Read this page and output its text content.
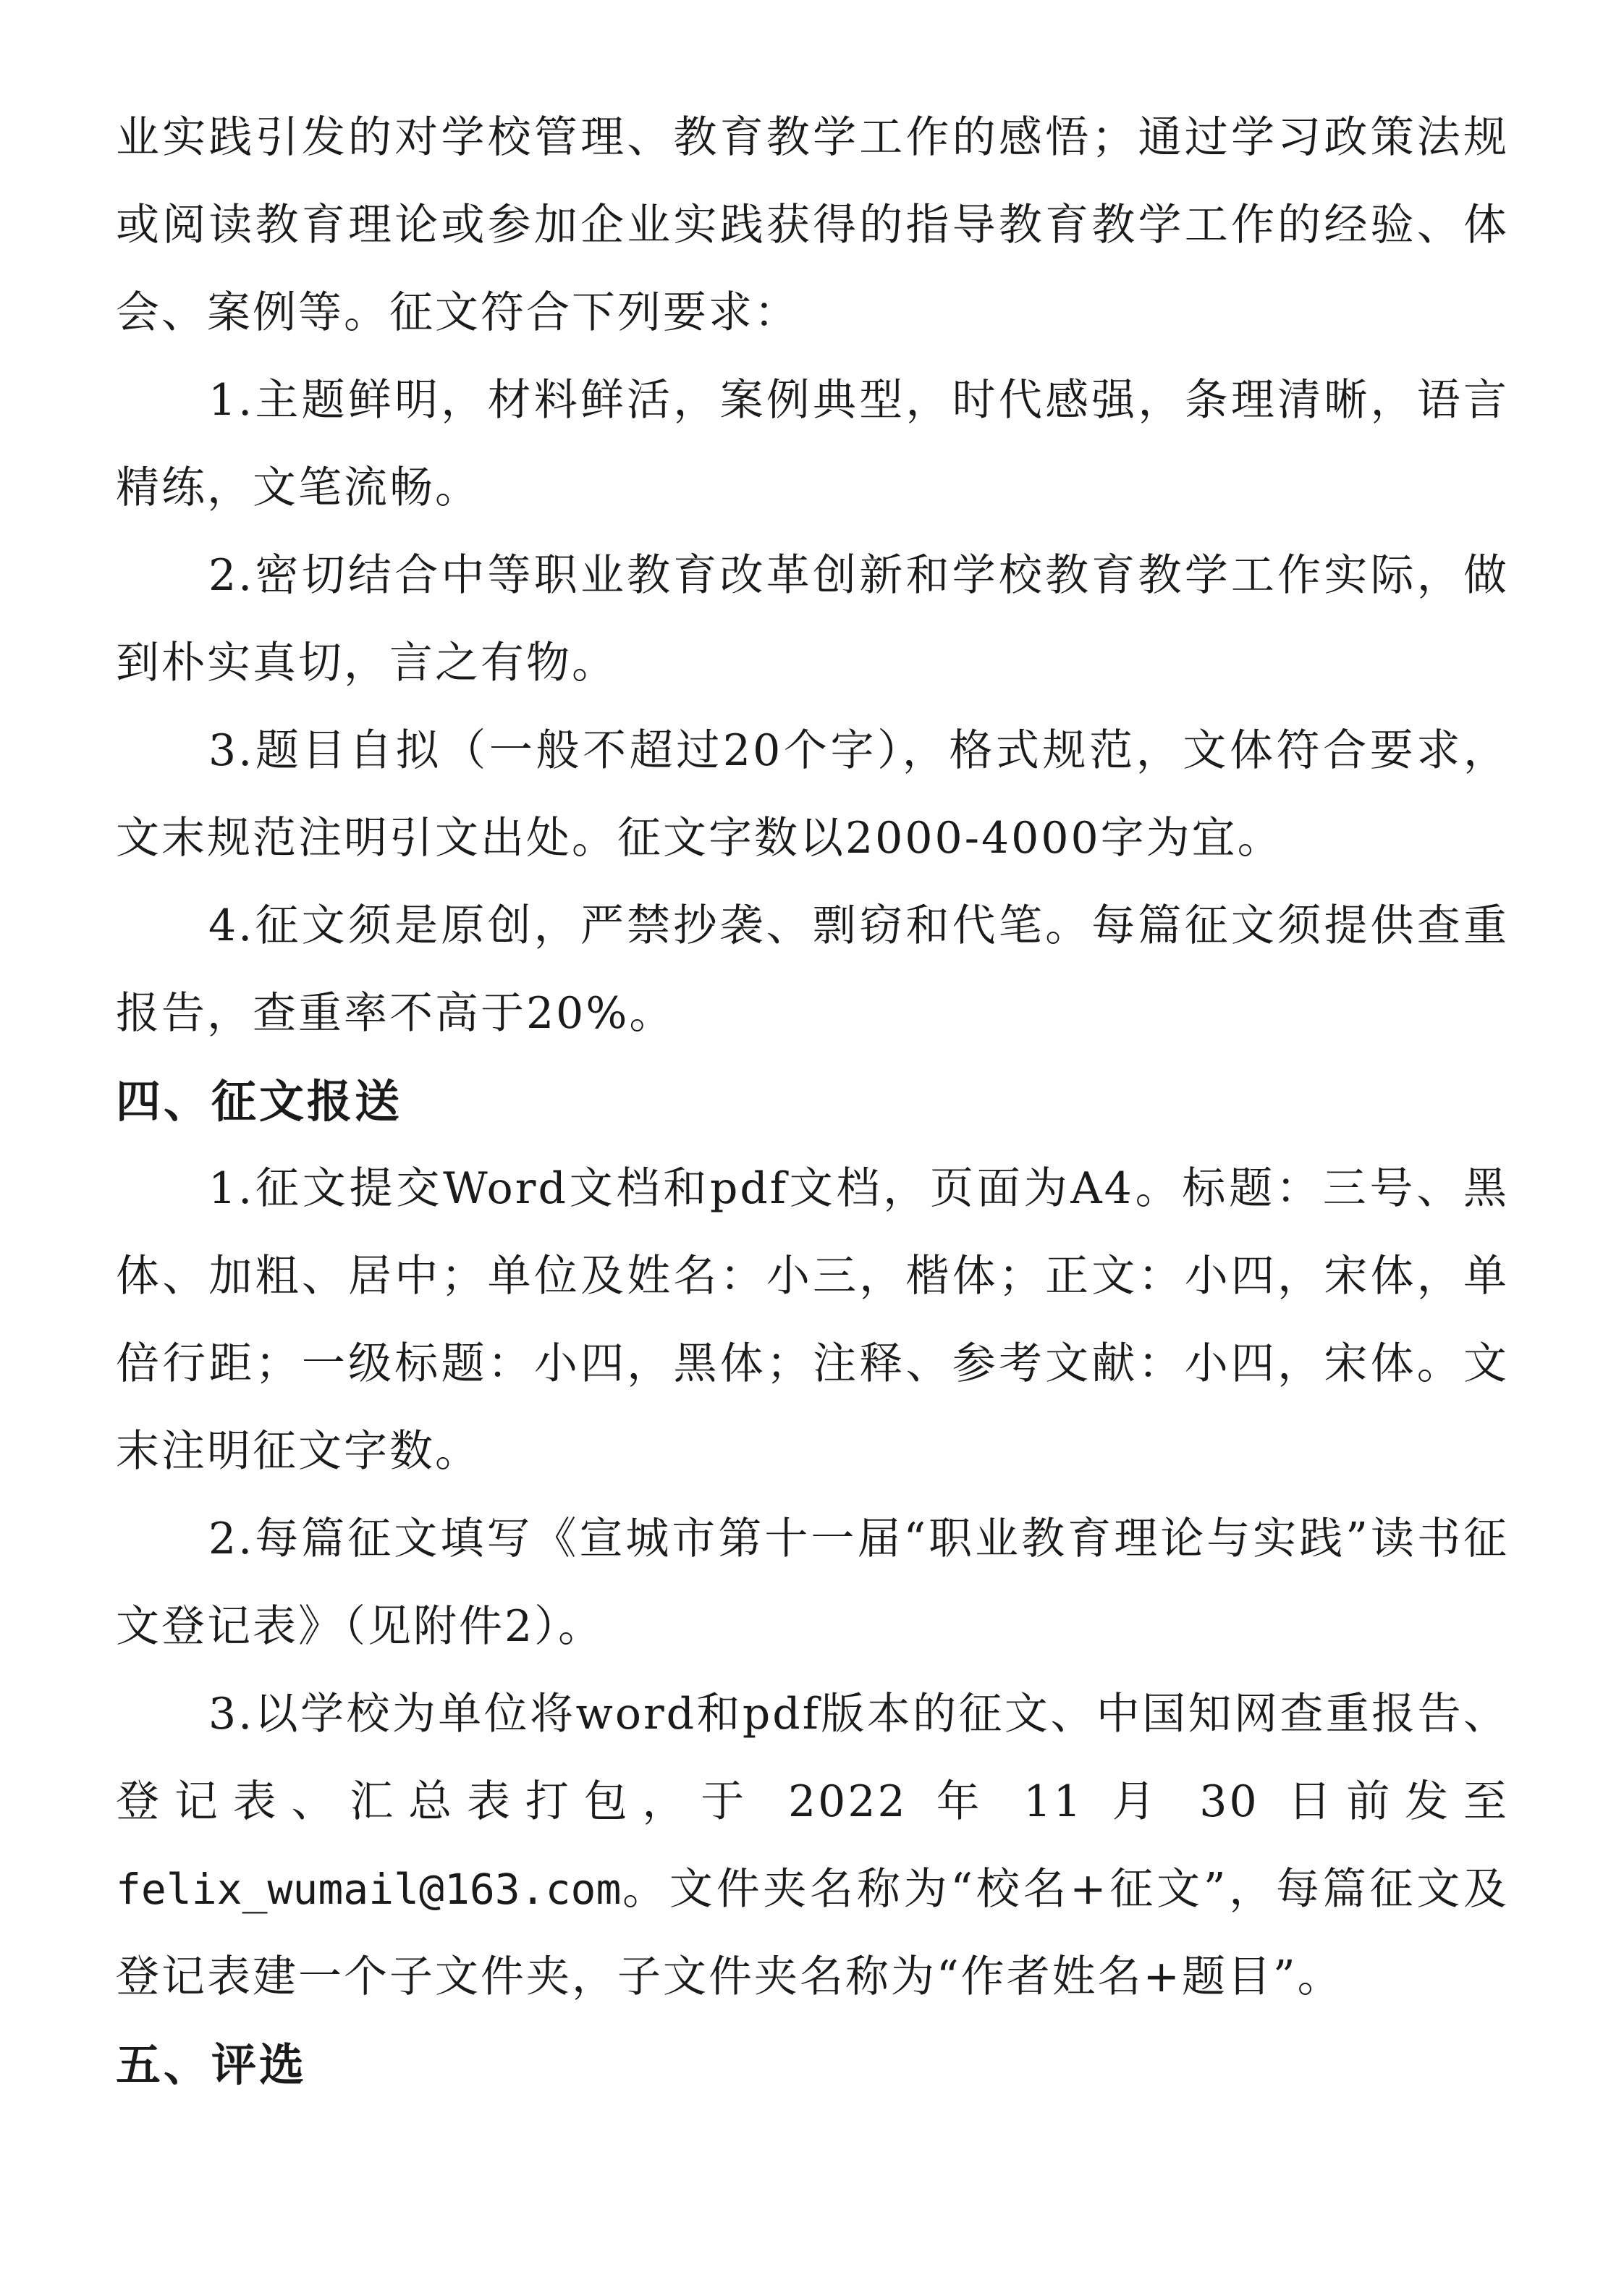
业实践引发的对学校管理、教育教学工作的感悟；通过学习政策法规或阅读教育理论或参加企业实践获得的指导教育教学工作的经验、体会、案例等。征文符合下列要求：

1.主题鲜明，材料鲜活，案例典型，时代感强，条理清晰，语言精练，文笔流畅。

2.密切结合中等职业教育改革创新和学校教育教学工作实际，做到朴实真切，言之有物。

3.题目自拟（一般不超过20个字），格式规范，文体符合要求，文末规范注明引文出处。征文字数以2000-4000字为宜。

4.征文须是原创，严禁抄袭、剽窃和代笔。每篇征文须提供查重报告，查重率不高于20%。

四、征文报送

1.征文提交Word文档和pdf文档，页面为A4。标题：三号、黑体、加粗、居中；单位及姓名：小三，楷体；正文：小四，宋体，单倍行距；一级标题：小四，黑体；注释、参考文献：小四，宋体。文末注明征文字数。

2.每篇征文填写《宣城市第十一届“职业教育理论与实践”读书征文登记表》（见附件2）。

3.以学校为单位将word和pdf版本的征文、中国知网查重报告、登记表、汇总表打包，于 2022 年 11 月 30 日前发至felix_wumail@163.com。文件夹名称为“校名+征文”，每篇征文及登记表建一个子文件夹，子文件夹名称为“作者姓名+题目”。

五、评选
